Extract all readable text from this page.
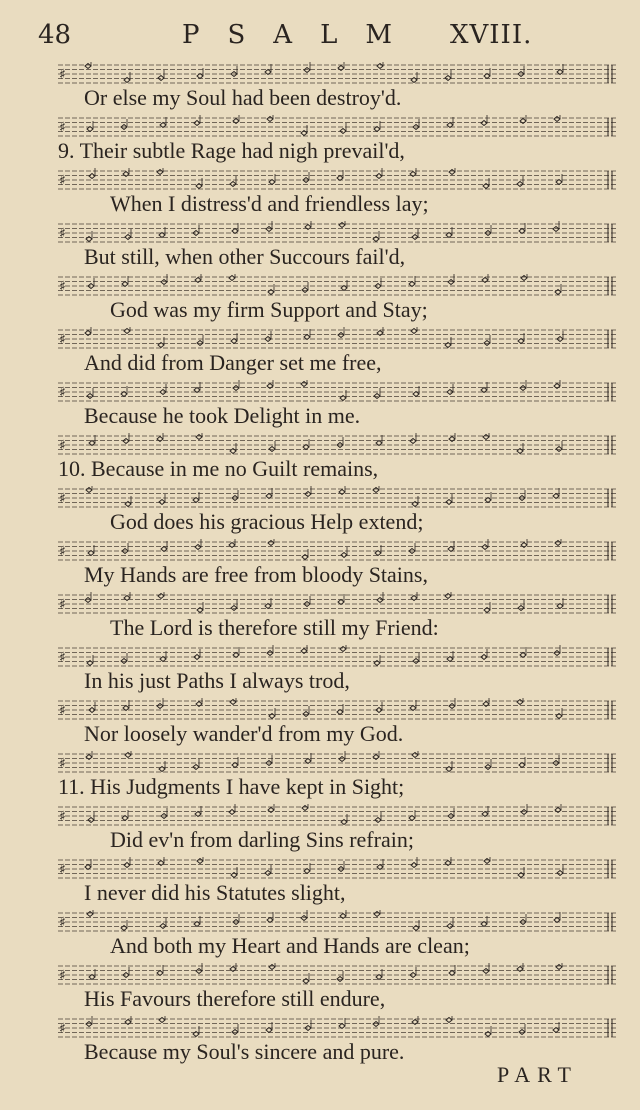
48	PSALM XVIII.
♯
Or else my Soul had been destroy'd.
♯
9. Their subtle Rage had nigh prevail'd,
♯
When I distress'd and friendless lay;
♯
But still, when other Succours fail'd,
♯
God was my firm Support and Stay;
♯
And did from Danger set me free,
♯
Because he took Delight in me.
♯
10. Because in me no Guilt remains,
♯
God does his gracious Help extend;
♯
My Hands are free from bloody Stains,
♯
The Lord is therefore still my Friend:
♯
In his just Paths I always trod,
♯
Nor loosely wander'd from my God.
♯
11. His Judgments I have kept in Sight;
♯
Did ev'n from darling Sins refrain;
♯
I never did his Statutes slight,
♯
And both my Heart and Hands are clean;
♯
His Favours therefore still endure,
♯
Because my Soul's sincere and pure.
PART
